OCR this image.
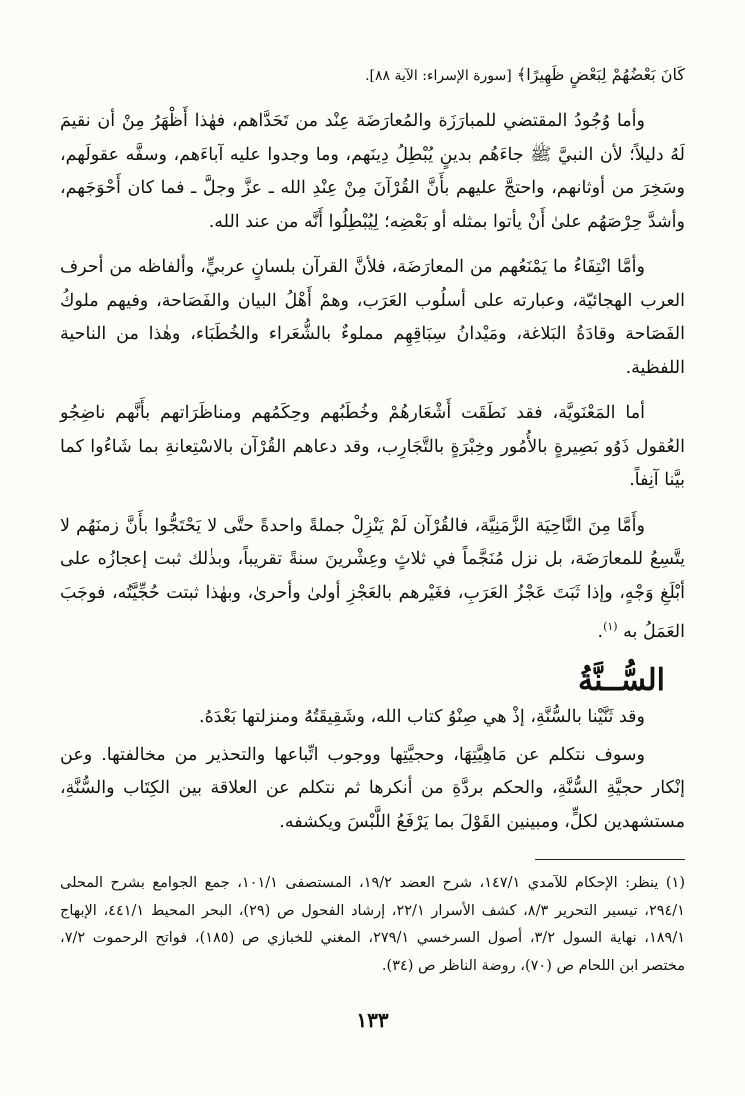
كَانَ بَعْضُهُمْ لِبَعْضٍ ظَهِيرًا﴾ [سورة الإسراء: الآية ٨٨].

وأما وُجُودُ المقتضي للمبارَزَة والمُعارَضَة عِنْد من تَحَدَّاهم، فهٰذا أَظْهَرُ مِنْ أن نقيمَ لَهُ دليلاً؛ لأن النبيَّ ﷺ جاءَهُم بدينٍ يُبْطِلُ دِينَهم، وما وجدوا عليه آباءَهم، وسفَّه عقولَهم، وسَخِرَ من أوثانهم، واحتجَّ عليهم بأَنَّ القُرْآنَ مِنْ عِنْدِ الله ـ عزَّ وجلَّ ـ فما كان أَحْوَجَهم، وأشدَّ حِرْصَهُم علىٰ أَنْ يأتوا بمثله أو بَعْضِه؛ لِيُبْطِلُوا أَنَّه من عند الله.

وأمَّا انْتِفَاءُ ما يَمْنَعُهم من المعارَضَة، فلأنَّ القرآن بلسانٍ عربيٍّ، وألفاظه من أحرف العرب الهجائيّة، وعبارته على أسلُوب العَرَب، وهمْ أَهْلُ البيان والفَصَاحة، وفيهم ملوكُ الفَصَاحة وقادَةُ البَلاغة، ومَيْدانُ سِبَاقِهِم مملوءٌ بالشُّعَراء والخُطَبَاء، وهٰذا من الناحية اللفظية.

أما المَعْنَويَّة، فقد نَطَقَت أَشْعَارهُمْ وخُطَبُهم وحِكَمُهم ومناظَرَاتهم بأَنَّهم ناضِجُو العُقول ذَوُو بَصِيرةٍ بالأُمُور وخِبْرَةٍ بالتَّجَارِب، وقد دعاهم القُرْآن بالاسْتِعانةِ بما شَاءُوا كما بيَّنا آنِفاً.

وأَمَّا مِنَ النَّاحِيَة الزَّمَنِيَّة، فالقُرْآن لَمْ يَنْزِلْ جملةً واحدةً حتَّى لا يَحْتَجُّوا بأَنَّ زمنَهُم لا يتَّسِعُ للمعارَضَة، بل نزل مُنَجَّماً في ثلاثٍ وعِشْرينَ سنةً تقريباً، وبذٰلك ثبت إعجازُه على أبْلَغِ وَجْهٍ، وإذا ثَبَتَ عَجْزُ العَرَبِ، فغَيْرهم بالعَجْزِ أولىٰ وأحرىٰ، وبهٰذا ثبتت حُجِّيَّتُه، فوجَبَ العَمَلُ به $^{(١)}$.

السُّــنَّةُ

وقد ثَنَّيْنا بالسُّنَّةِ، إذْ هي صِنْوُ كتاب الله، وشَقِيقَتُهُ ومنزلتها بَعْدَهُ.

وسوف نتكلم عن مَاهِيَّتِهَا، وحجيَّتِها ووجوب اتِّباعها والتحذير من مخالفتها. وعن إنْكار حجيَّةِ السُّنَّةِ، والحكم بردَّةِ من أنكرها ثم نتكلم عن العلاقة بين الكِتَاب والسُّنَّةِ، مستشهدين لكلٍّ، ومبينين القَوْلَ بما يَرْفَعُ اللَّبْسَ ويكشفه.

(١) ينظر: الإحكام للآمدي ١٤٧/١، شرح العضد ١٩/٢، المستصفى ١٠١/١، جمع الجوامع بشرح المحلى ٢٩٤/١، تيسير التحرير ٨/٣، كشف الأسرار ٢٢/١، إرشاد الفحول ص (٢٩)، البحر المحيط ٤٤١/١، الإبهاج ١٨٩/١، نهاية السول ٣/٢، أصول السرخسي ٢٧٩/١، المغني للخبازي ص (١٨٥)، فواتح الرحموت ٧/٢، مختصر ابن اللحام ص (٧٠)، روضة الناظر ص (٣٤).

١٣٣
